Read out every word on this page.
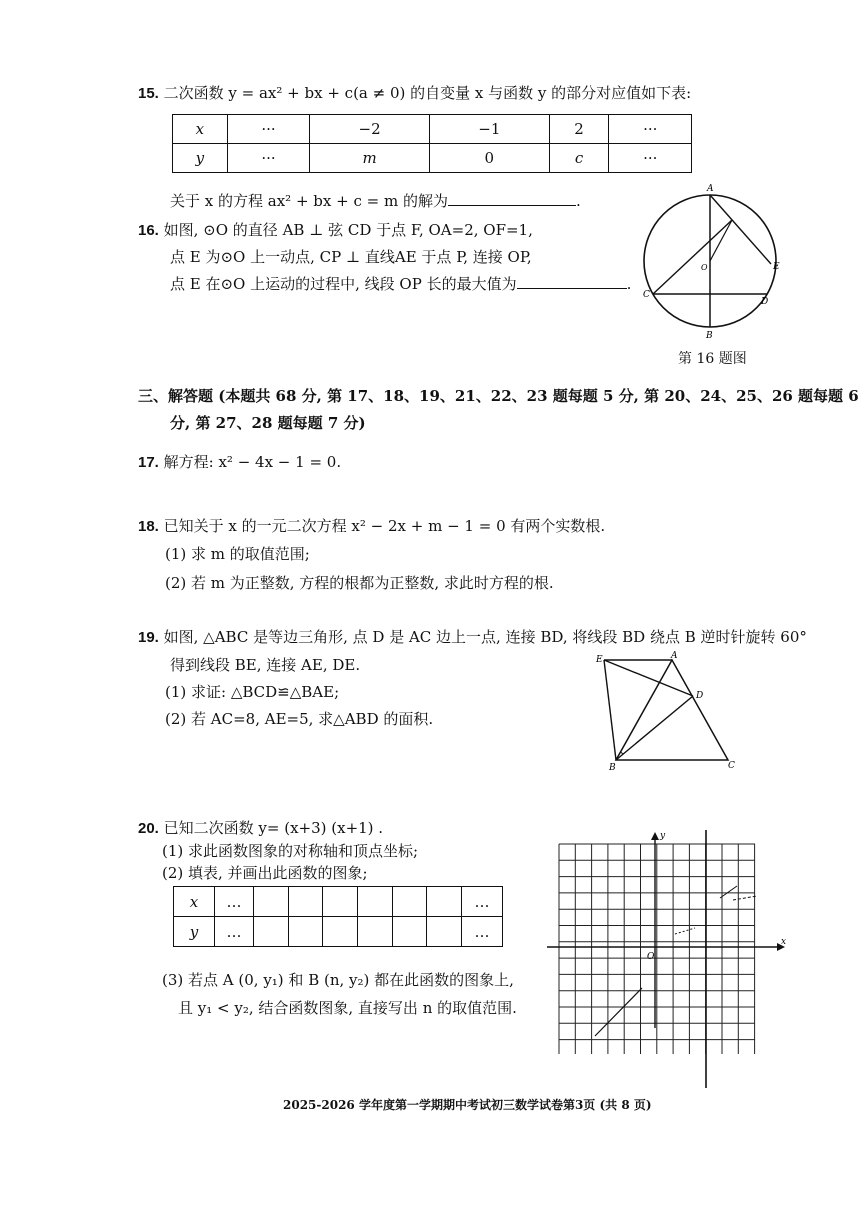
15. 二次函数 y = ax² + bx + c(a ≠ 0) 的自变量 x 与函数 y 的部分对应值如下表:
x	···	−2	−1	2	···
y	···	m	0	c	···
关于 x 的方程 ax² + bx + c = m 的解为	.
16. 如图, ⊙O 的直径 AB ⊥ 弦 CD 于点 F, OA=2, OF=1,
点 E 为⊙O 上一动点, CP ⊥ 直线AE 于点 P, 连接 OP,
点 E 在⊙O 上运动的过程中, 线段 OP 长的最大值为	.
A
B
C
D
E
O
第 16 题图
三、解答题 (本题共 68 分, 第 17、18、19、21、22、23 题每题 5 分, 第 20、24、25、26 题每题 6
分, 第 27、28 题每题 7 分)
17. 解方程: x² − 4x − 1 = 0.
18. 已知关于 x 的一元二次方程 x² − 2x + m − 1 = 0 有两个实数根.
(1) 求 m 的取值范围;
(2) 若 m 为正整数, 方程的根都为正整数, 求此时方程的根.
19. 如图, △ABC 是等边三角形, 点 D 是 AC 边上一点, 连接 BD, 将线段 BD 绕点 B 逆时针旋转 60°
得到线段 BE, 连接 AE, DE.
(1) 求证: △BCD≌△BAE;
(2) 若 AC=8, AE=5, 求△ABD 的面积.
E	A
D
B	C
20. 已知二次函数 y= (x+3) (x+1) .
(1) 求此函数图象的对称轴和顶点坐标;
(2) 填表, 并画出此函数的图象;
x	…							…
y	…							…
(3) 若点 A (0, y₁) 和 B (n, y₂) 都在此函数的图象上,
且 y₁ < y₂, 结合函数图象, 直接写出 n 的取值范围.
x
y
O
2025-2026 学年度第一学期期中考试初三数学试卷第3页 (共 8 页)
